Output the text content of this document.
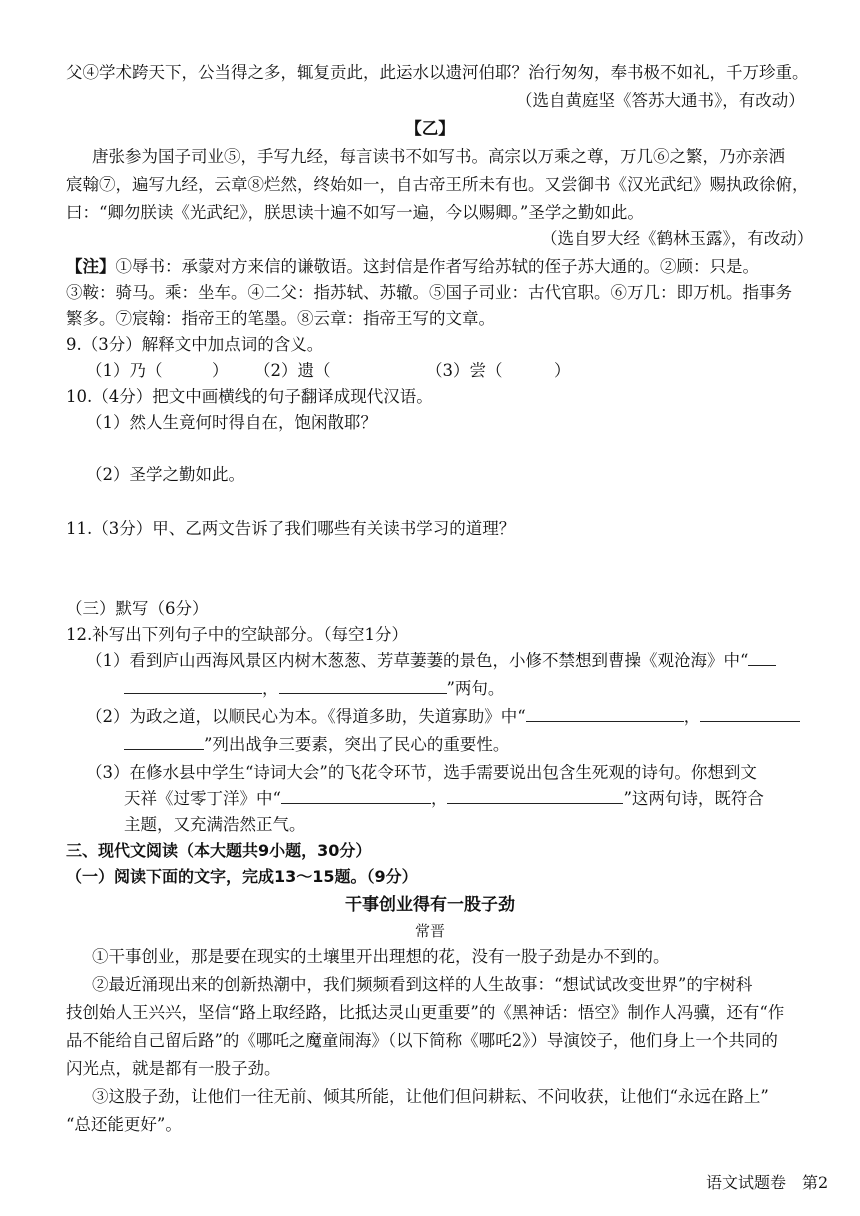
父④学术跨天下，公当得之多，辄复贡此，此运水以遗河伯耶？治行匆匆，奉书极不如礼，千万珍重。
（选自黄庭坚《答苏大通书》，有改动）
【乙】
唐张参为国子司业⑤，手写九经，每言读书不如写书。高宗以万乘之尊，万几⑥之繁，乃亦亲洒
宸翰⑦，遍写九经，云章⑧烂然，终始如一，自古帝王所未有也。又尝御书《汉光武纪》赐执政徐俯，
曰：“卿勿朕读《光武纪》，朕思读十遍不如写一遍，今以赐卿。”圣学之勤如此。
（选自罗大经《鹤林玉露》，有改动）
【注】①辱书：承蒙对方来信的谦敬语。这封信是作者写给苏轼的侄子苏大通的。②顾：只是。
③鞍：骑马。乘：坐车。④二父：指苏轼、苏辙。⑤国子司业：古代官职。⑥万几：即万机。指事务
繁多。⑦宸翰：指帝王的笔墨。⑧云章：指帝王写的文章。
9.（3分）解释文中加点词的含义。
（1）乃（	） （2）遗（	（3）尝（	）
10.（4分）把文中画横线的句子翻译成现代汉语。
（1）然人生竟何时得自在，饱闲散耶？
（2）圣学之勤如此。
11.（3分）甲、乙两文告诉了我们哪些有关读书学习的道理？
（三）默写（6分）
12.补写出下列句子中的空缺部分。（每空1分）
（1）看到庐山西海风景区内树木葱葱、芳草萋萋的景色，小修不禁想到曹操《观沧海》中“
，	”两句。
（2）为政之道，以顺民心为本。《得道多助，失道寡助》中“	，
”列出战争三要素，突出了民心的重要性。
（3）在修水县中学生“诗词大会”的飞花令环节，选手需要说出包含生死观的诗句。你想到文
天祥《过零丁洋》中“	，	”这两句诗，既符合
主题，又充满浩然正气。
三、现代文阅读（本大题共9小题，30分）
（一）阅读下面的文字，完成13～15题。（9分）
干事创业得有一股子劲
常晋
①干事创业，那是要在现实的土壤里开出理想的花，没有一股子劲是办不到的。
②最近涌现出来的创新热潮中，我们频频看到这样的人生故事：“想试试改变世界”的宇树科
技创始人王兴兴，坚信“路上取经路，比抵达灵山更重要”的《黑神话：悟空》制作人冯骥，还有“作
品不能给自己留后路”的《哪吒之魔童闹海》（以下简称《哪吒2》）导演饺子，他们身上一个共同的
闪光点，就是都有一股子劲。
③这股子劲，让他们一往无前、倾其所能，让他们但问耕耘、不问收获，让他们“永远在路上”
“总还能更好”。
语文试题卷　第2
